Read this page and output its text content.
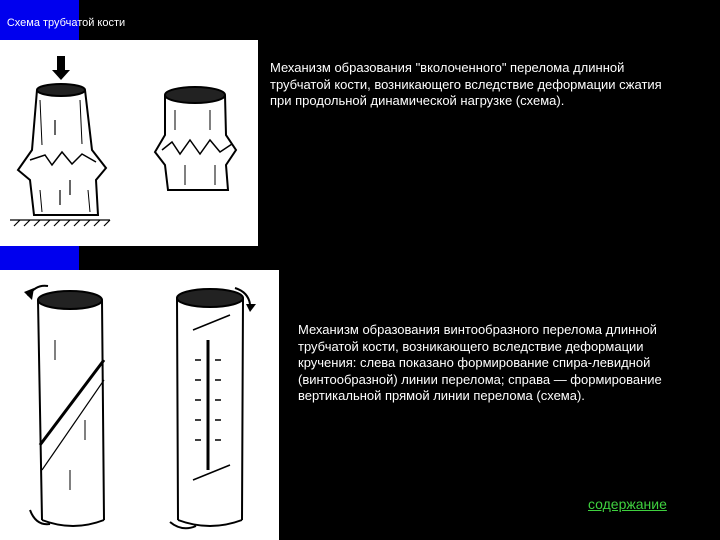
Схема трубчатой кости
Механизм образования "вколоченного" перелома длинной трубчатой кости, возникающего вследствие деформации сжатия при продольной динамической нагрузке (схема).
Механизм образования винтообразного перелома длинной трубчатой кости, возникающего вследствие деформации кручения: слева показано формирование спира-левидной (винтообразной) линии перелома; справа — формирование вертикальной прямой линии перелома (схема).
содержание
